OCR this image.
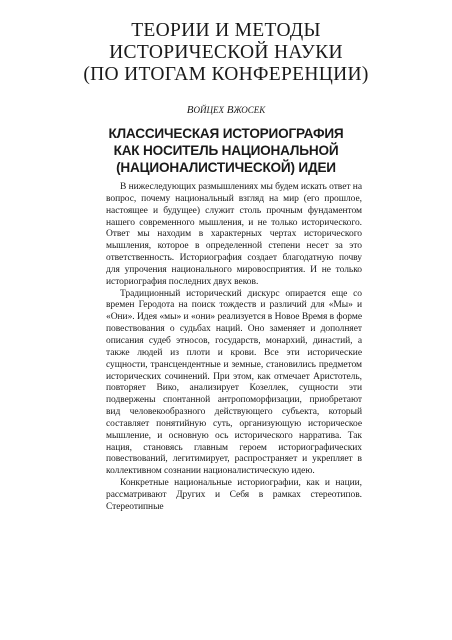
ТЕОРИИ И МЕТОДЫ
ИСТОРИЧЕСКОЙ НАУКИ
(ПО ИТОГАМ КОНФЕРЕНЦИИ)
ВОЙЦЕХ ВЖОСЕК
КЛАССИЧЕСКАЯ ИСТОРИОГРАФИЯ
КАК НОСИТЕЛЬ НАЦИОНАЛЬНОЙ
(НАЦИОНАЛИСТИЧЕСКОЙ) ИДЕИ

В нижеследующих размышлениях мы будем искать ответ на вопрос, почему национальный взгляд на мир (его прошлое, настоящее и будущее) служит столь прочным фундаментом нашего современного мышления, и не только исторического. Ответ мы находим в характерных чертах исторического мышления, которое в определенной степени несет за это ответственность. Историография создает благодатную почву для упрочения национального мировосприятия. И не только историография последних двух веков.

Традиционный исторический дискурс опирается еще со времен Геродота на поиск тождеств и различий для «Мы» и «Они». Идея «мы» и «они» реализуется в Новое Время в форме повествования о судьбах наций. Оно заменяет и дополняет описания судеб этносов, государств, монархий, династий, а также людей из плоти и крови. Все эти исторические сущности, трансцендентные и земные, становились предметом исторических сочинений. При этом, как отмечает Аристотель, повторяет Вико, анализирует Козеллек, сущности эти подвержены спонтанной антропоморфизации, приобретают вид человекообразного действующего субъекта, который составляет понятийную суть, организующую историческое мышление, и основную ось исторического нарратива. Так нация, становясь главным героем историографических повествований, легитимирует, распространяет и укрепляет в коллективном сознании националистическую идею.

Конкретные национальные историографии, как и нации, рассматривают Других и Себя в рамках стереотипов. Стереотипные
